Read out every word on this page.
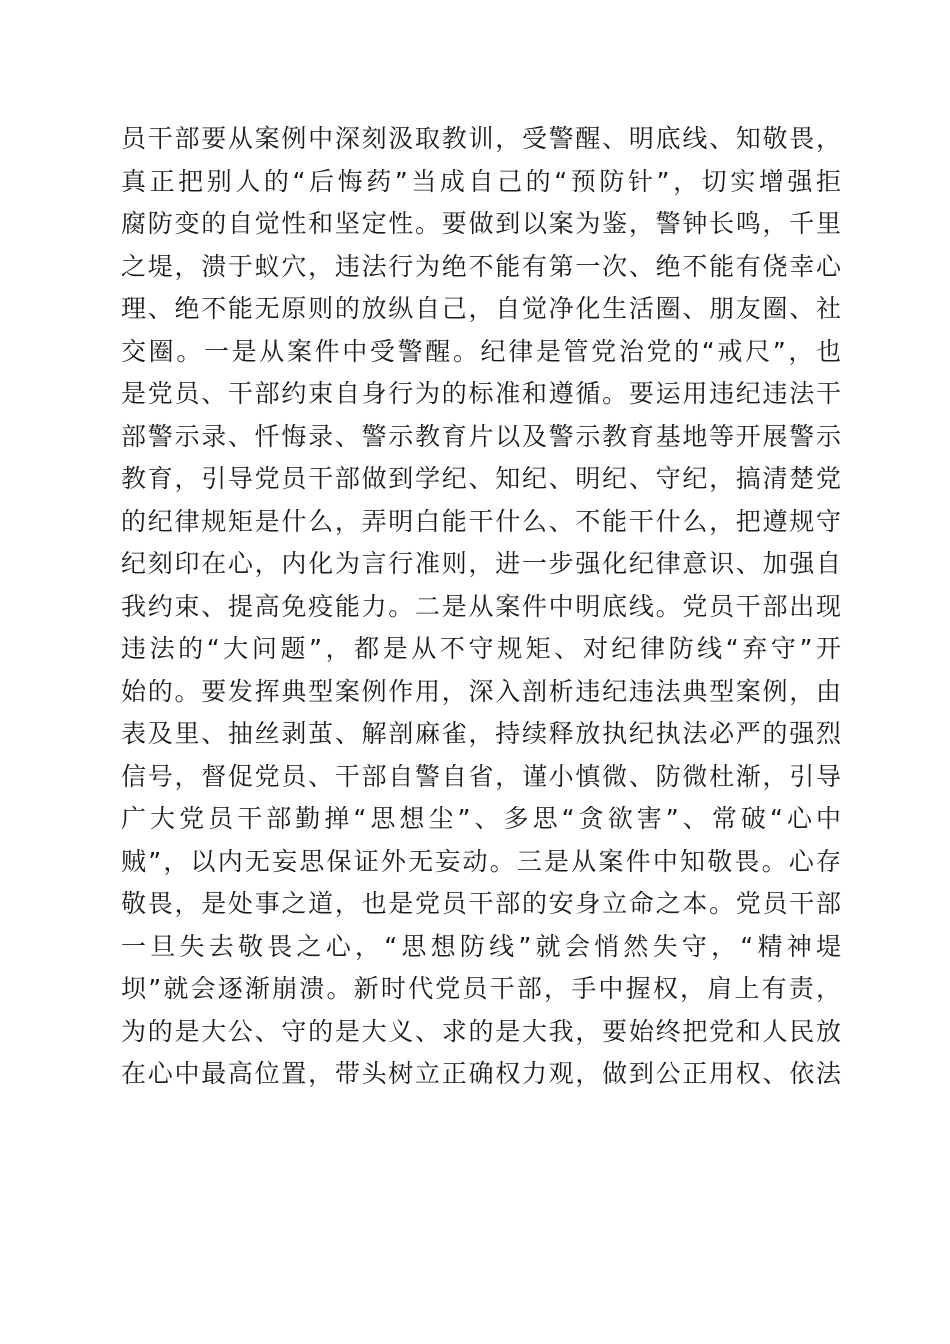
员干部要从案例中深刻汲取教训，受警醒、明底线、知敬畏，
真正把别人的“后悔药”当成自己的“预防针”，切实增强拒
腐防变的自觉性和坚定性。要做到以案为鉴，警钟长鸣，千里
之堤，溃于蚁穴，违法行为绝不能有第一次、绝不能有侥幸心
理、绝不能无原则的放纵自己，自觉净化生活圈、朋友圈、社
交圈。一是从案件中受警醒。纪律是管党治党的“戒尺”，也
是党员、干部约束自身行为的标准和遵循。要运用违纪违法干
部警示录、忏悔录、警示教育片以及警示教育基地等开展警示
教育，引导党员干部做到学纪、知纪、明纪、守纪，搞清楚党
的纪律规矩是什么，弄明白能干什么、不能干什么，把遵规守
纪刻印在心，内化为言行准则，进一步强化纪律意识、加强自
我约束、提高免疫能力。二是从案件中明底线。党员干部出现
违法的“大问题”，都是从不守规矩、对纪律防线“弃守”开
始的。要发挥典型案例作用，深入剖析违纪违法典型案例，由
表及里、抽丝剥茧、解剖麻雀，持续释放执纪执法必严的强烈
信号，督促党员、干部自警自省，谨小慎微、防微杜渐，引导
广大党员干部勤掸“思想尘”、多思“贪欲害”、常破“心中
贼”，以内无妄思保证外无妄动。三是从案件中知敬畏。心存
敬畏，是处事之道，也是党员干部的安身立命之本。党员干部
一旦失去敬畏之心，“思想防线”就会悄然失守，“精神堤
坝”就会逐渐崩溃。新时代党员干部，手中握权，肩上有责，
为的是大公、守的是大义、求的是大我，要始终把党和人民放
在心中最高位置，带头树立正确权力观，做到公正用权、依法
